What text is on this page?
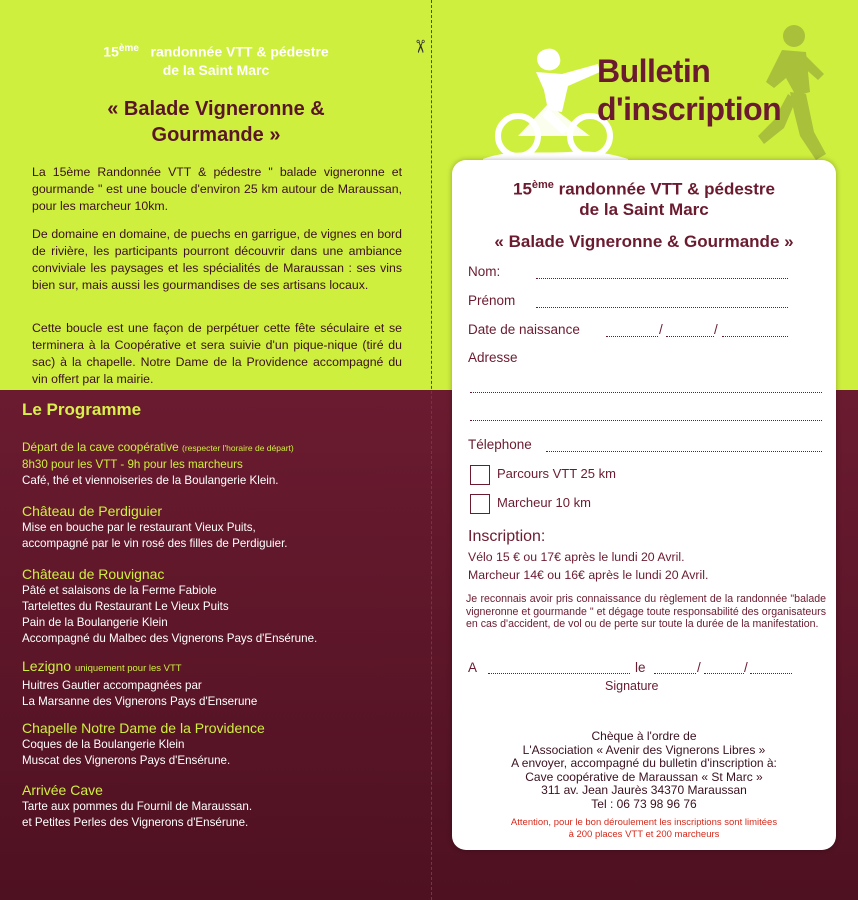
✂
15ème randonnée VTT & pédestre
de la Saint Marc
« Balade Vigneronne &
Gourmande »

La 15ème Randonnée VTT & pédestre " balade vigneronne et gourmande " est une boucle d'environ 25 km autour de Maraussan, pour les marcheur 10km.

De domaine en domaine, de puechs en garrigue, de vignes en bord de rivière, les participants pourront découvrir dans une ambiance conviviale les paysages et les spécialités de Maraussan : ses vins bien sur, mais aussi les gourmandises de ses artisans locaux.

Cette boucle est une façon de perpétuer cette fête séculaire et se terminera à la Coopérative et sera suivie d'un pique-nique (tiré du sac) à la chapelle. Notre Dame de la Providence accompagné du vin offert par la mairie.

Le Programme
Départ de la cave coopérative (respecter l'horaire de départ)
8h30 pour les VTT - 9h pour les marcheurs
Café, thé et viennoiseries de la Boulangerie Klein.
Château de Perdiguier
Mise en bouche par le restaurant Vieux Puits,
accompagné par le vin rosé des filles de Perdiguier.
Château de Rouvignac
Pâté et salaisons de la Ferme Fabiole
Tartelettes du Restaurant Le Vieux Puits
Pain de la Boulangerie Klein
Accompagné du Malbec des Vignerons Pays d'Ensérune.
Lezigno uniquement pour les VTT
Huitres Gautier accompagnées par
La Marsanne des Vignerons Pays d'Enserune
Chapelle Notre Dame de la Providence
Coques de la Boulangerie Klein
Muscat des Vignerons Pays d'Ensérune.
Arrivée Cave
Tarte aux pommes du Fournil de Maraussan.
et Petites Perles des Vignerons d'Ensérune.
Bulletin
d'inscription
15ème randonnée VTT & pédestre
de la Saint Marc
« Balade Vigneronne & Gourmande »
Nom:
Prénom
Date de naissance	/	/
Adresse
Télephone
Parcours VTT 25 km
Marcheur 10 km
Inscription:
Vélo 15 € ou 17€ après le lundi 20 Avril.
Marcheur 14€ ou 16€ après le lundi 20 Avril.

Je reconnais avoir pris connaissance du règlement de la randonnée "balade vigneronne et gourmande " et dégage toute responsabilité des organisateurs en cas d'accident, de vol ou de perte sur toute la durée de la manifestation.

A	le	/	/
Signature
Chèque à l'ordre de
L'Association « Avenir des Vignerons Libres »
A envoyer, accompagné du bulletin d'inscription à:
Cave coopérative de Maraussan « St Marc »
311 av. Jean Jaurès 34370 Maraussan
Tel : 06 73 98 96 76
Attention, pour le bon déroulement les inscriptions sont limitées
à 200 places VTT et 200 marcheurs
